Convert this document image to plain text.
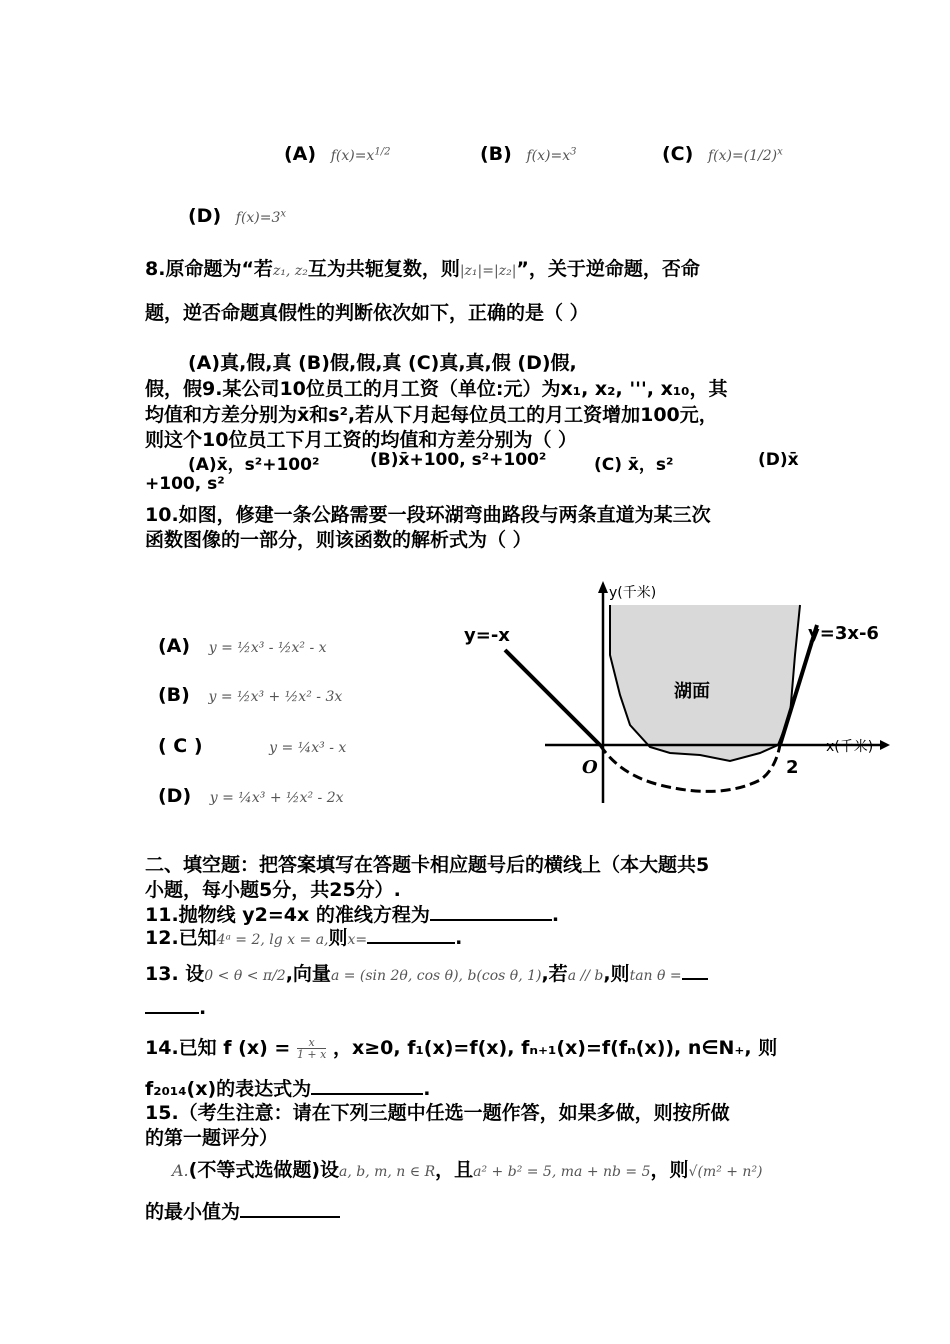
(A) $f(x)=x^{1/2}$	(B) $f(x)=x^3$	(C) $f(x)=(1/2)^x$
(D) $f(x)=3^x$
8.原命题为“若z₁, z₂互为共轭复数，则|z₁|=|z₂|”，关于逆命题，否命
题，逆否命题真假性的判断依次如下，正确的是（ ）
(A)真,假,真 (B)假,假,真 (C)真,真,假 (D)假,
假，假9.某公司10位员工的月工资（单位:元）为x₁, x₂, ''', x₁₀，其
均值和方差分别为x̄和s²,若从下月起每位员工的月工资增加100元，
则这个10位员工下月工资的均值和方差分别为（ ）
(A)x̄，s²+100²	(B)x̄+100, s²+100²	(C) x̄，s²	(D)x̄
+100, s²
10.如图，修建一条公路需要一段环湖弯曲路段与两条直道为某三次
函数图像的一部分，则该函数的解析式为（ ）
(A) y = ½x³ - ½x² - x
(B) y = ½x³ + ½x² - 3x
( C )	y = ¼x³ - x
(D) y = ¼x³ + ½x² - 2x
y(千米)
x(千米)
y=-x	y=3x-6
湖面
O	2
二、填空题：把答案填写在答题卡相应题号后的横线上（本大题共5
小题，每小题5分，共25分）.
11.抛物线 y2=4x 的准线方程为	.
12.已知4ᵃ = 2, lg x = a,则x=	.
13. 设0 < θ < π/2,向量a = (sin 2θ, cos θ), b(cos θ, 1),若a // b,则tan θ =
.
14.已知 f $(x) = \frac{x}{1 + x}$ ，x≥0, f₁(x)=f(x), fₙ₊₁(x)=f(fₙ(x)), n∈N₊, 则
f₂₀₁₄(x)的表达式为	.
15.（考生注意：请在下列三题中任选一题作答，如果多做，则按所做
的第一题评分）
A.(不等式选做题)设a, b, m, n ∈ R，且a² + b² = 5, ma + nb = 5，则√(m² + n²)
的最小值为
